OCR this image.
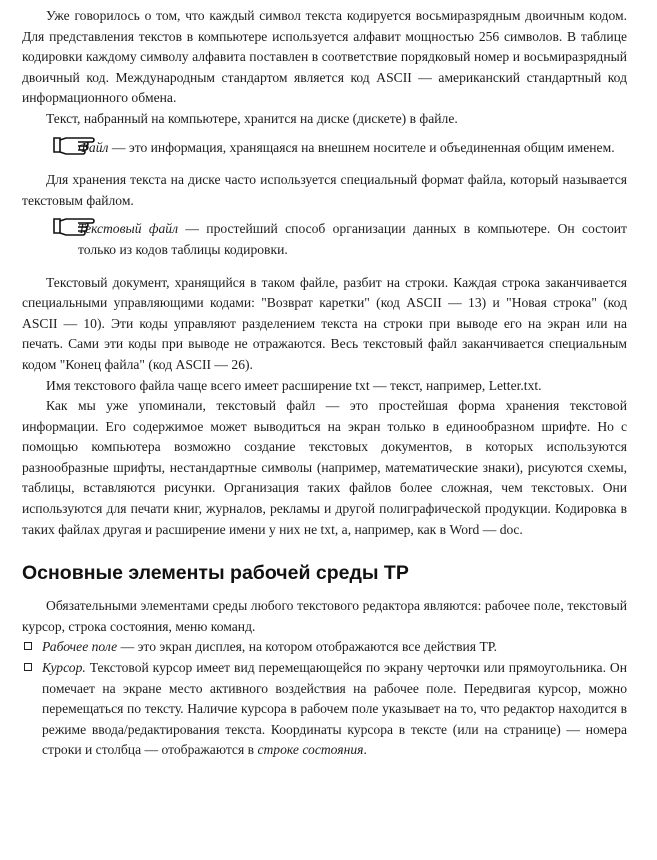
Уже говорилось о том, что каждый символ текста кодируется восьмиразрядным двоичным кодом. Для представления текстов в компьютере используется алфавит мощностью 256 символов. В таблице кодировки каждому символу алфавита поставлен в соответствие порядковый номер и восьмиразрядный двоичный код. Международным стандартом является код ASCII — американский стандартный код информационного обмена.

Текст, набранный на компьютере, хранится на диске (дискете) в файле.

Файл — это информация, хранящаяся на внешнем носителе и объединенная общим именем.

Для хранения текста на диске часто используется специальный формат файла, который называется текстовым файлом.

Текстовый файл — простейший способ организации данных в компьютере. Он состоит только из кодов таблицы кодировки.

Текстовый документ, хранящийся в таком файле, разбит на строки. Каждая строка заканчивается специальными управляющими кодами: "Возврат каретки" (код ASCII — 13) и "Новая строка" (код ASCII — 10). Эти коды управляют разделением текста на строки при выводе его на экран или на печать. Сами эти коды при выводе не отражаются. Весь текстовый файл заканчивается специальным кодом "Конец файла" (код ASCII — 26).

Имя текстового файла чаще всего имеет расширение txt — текст, например, Letter.txt.

Как мы уже упоминали, текстовый файл — это простейшая форма хранения текстовой информации. Его содержимое может выводиться на экран только в единообразном шрифте. Но с помощью компьютера возможно создание текстовых документов, в которых используются разнообразные шрифты, нестандартные символы (например, математические знаки), рисуются схемы, таблицы, вставляются рисунки. Организация таких файлов более сложная, чем текстовых. Они используются для печати книг, журналов, рекламы и другой полиграфической продукции. Кодировка в таких файлах другая и расширение имени у них не txt, а, например, как в Word — doc.

Основные элементы рабочей среды ТР

Обязательными элементами среды любого текстового редактора являются: рабочее поле, текстовый курсор, строка состояния, меню команд.

Рабочее поле — это экран дисплея, на котором отображаются все действия ТР.

Курсор. Текстовой курсор имеет вид перемещающейся по экрану черточки или прямоугольника. Он помечает на экране место активного воздействия на рабочее поле. Передвигая курсор, можно перемещаться по тексту. Наличие курсора в рабочем поле указывает на то, что редактор находится в режиме ввода/редактирования текста. Координаты курсора в тексте (или на странице) — номера строки и столбца — отображаются в строке состояния.
